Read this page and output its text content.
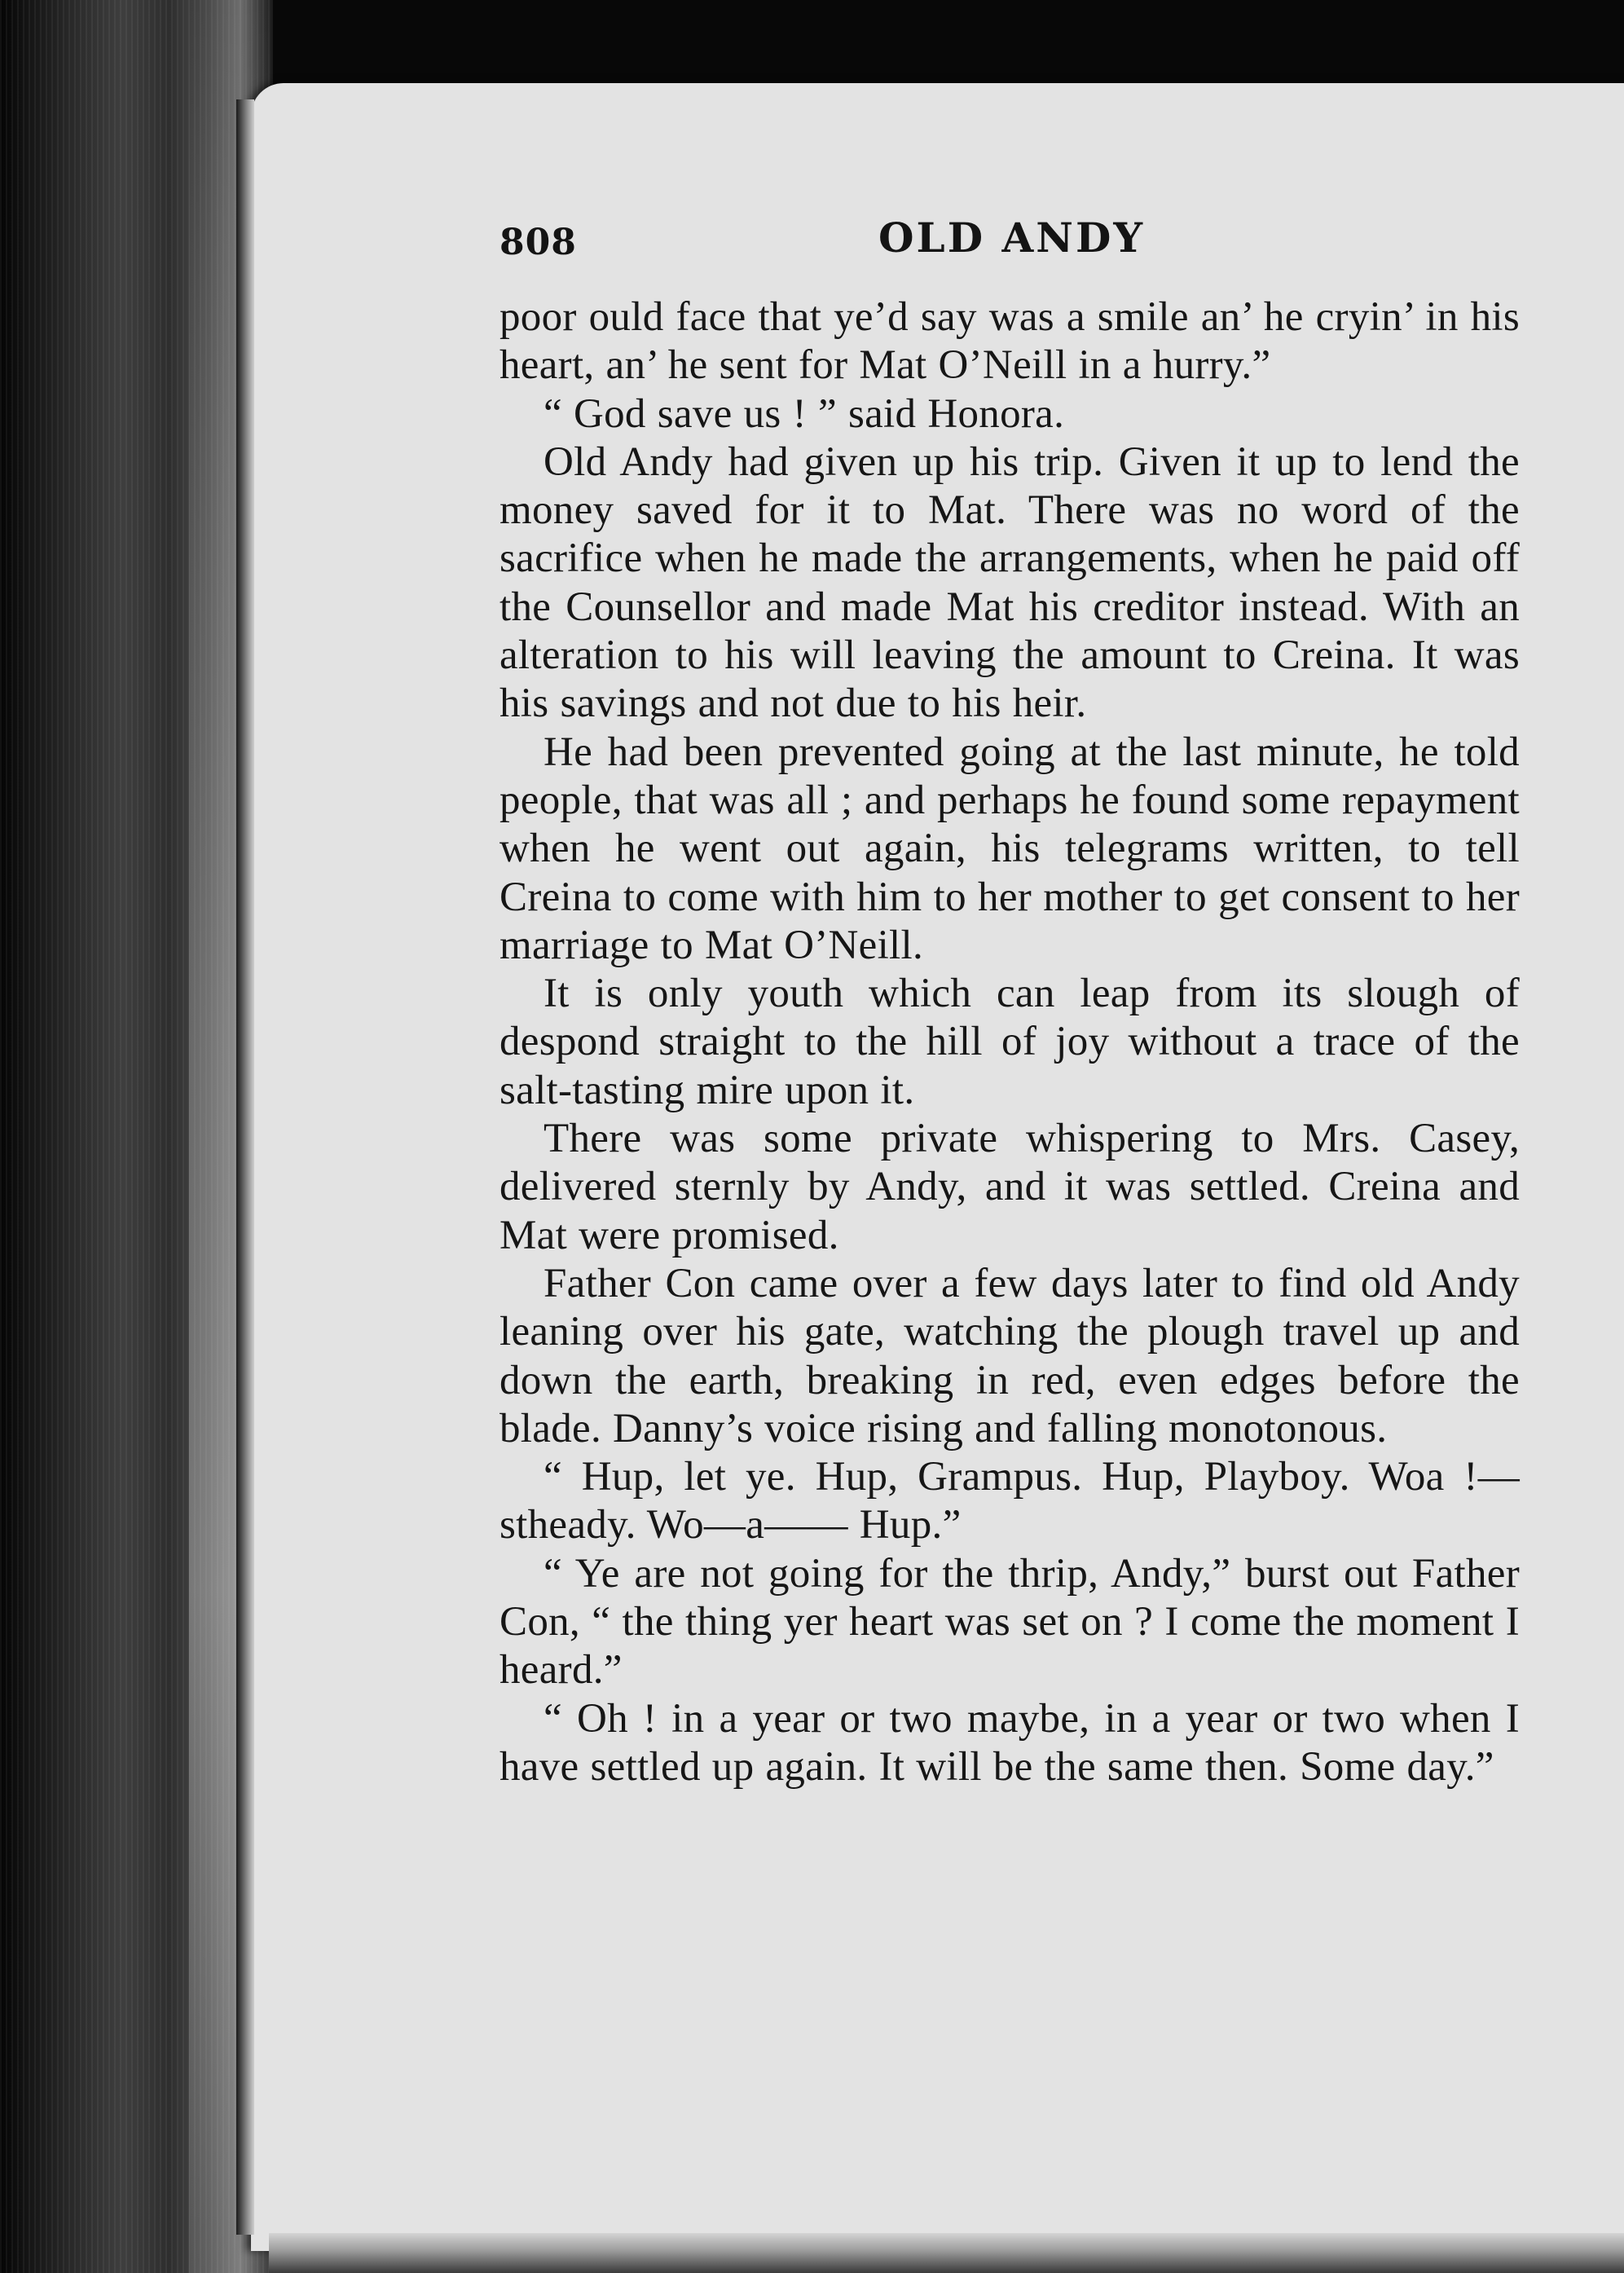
808	OLD ANDY

poor ould face that ye’d say was a smile an’ he cryin’ in his heart, an’ he sent for Mat O’Neill in a hurry.”

“ God save us ! ” said Honora.

Old Andy had given up his trip. Given it up to lend the money saved for it to Mat. There was no word of the sacrifice when he made the arrangements, when he paid off the Counsellor and made Mat his creditor instead. With an alteration to his will leaving the amount to Creina. It was his savings and not due to his heir.

He had been prevented going at the last minute, he told people, that was all ; and perhaps he found some repayment when he went out again, his telegrams written, to tell Creina to come with him to her mother to get consent to her marriage to Mat O’Neill.

It is only youth which can leap from its slough of despond straight to the hill of joy without a trace of the salt-tasting mire upon it.

There was some private whispering to Mrs. Casey, delivered sternly by Andy, and it was settled. Creina and Mat were promised.

Father Con came over a few days later to find old Andy leaning over his gate, watching the plough travel up and down the earth, breaking in red, even edges before the blade. Danny’s voice rising and falling monotonous.

“ Hup, let ye. Hup, Grampus. Hup, Playboy. Woa !—stheady. Wo—a—— Hup.”

“ Ye are not going for the thrip, Andy,” burst out Father Con, “ the thing yer heart was set on ? I come the moment I heard.”

“ Oh ! in a year or two maybe, in a year or two when I have settled up again. It will be the same then. Some day.”
